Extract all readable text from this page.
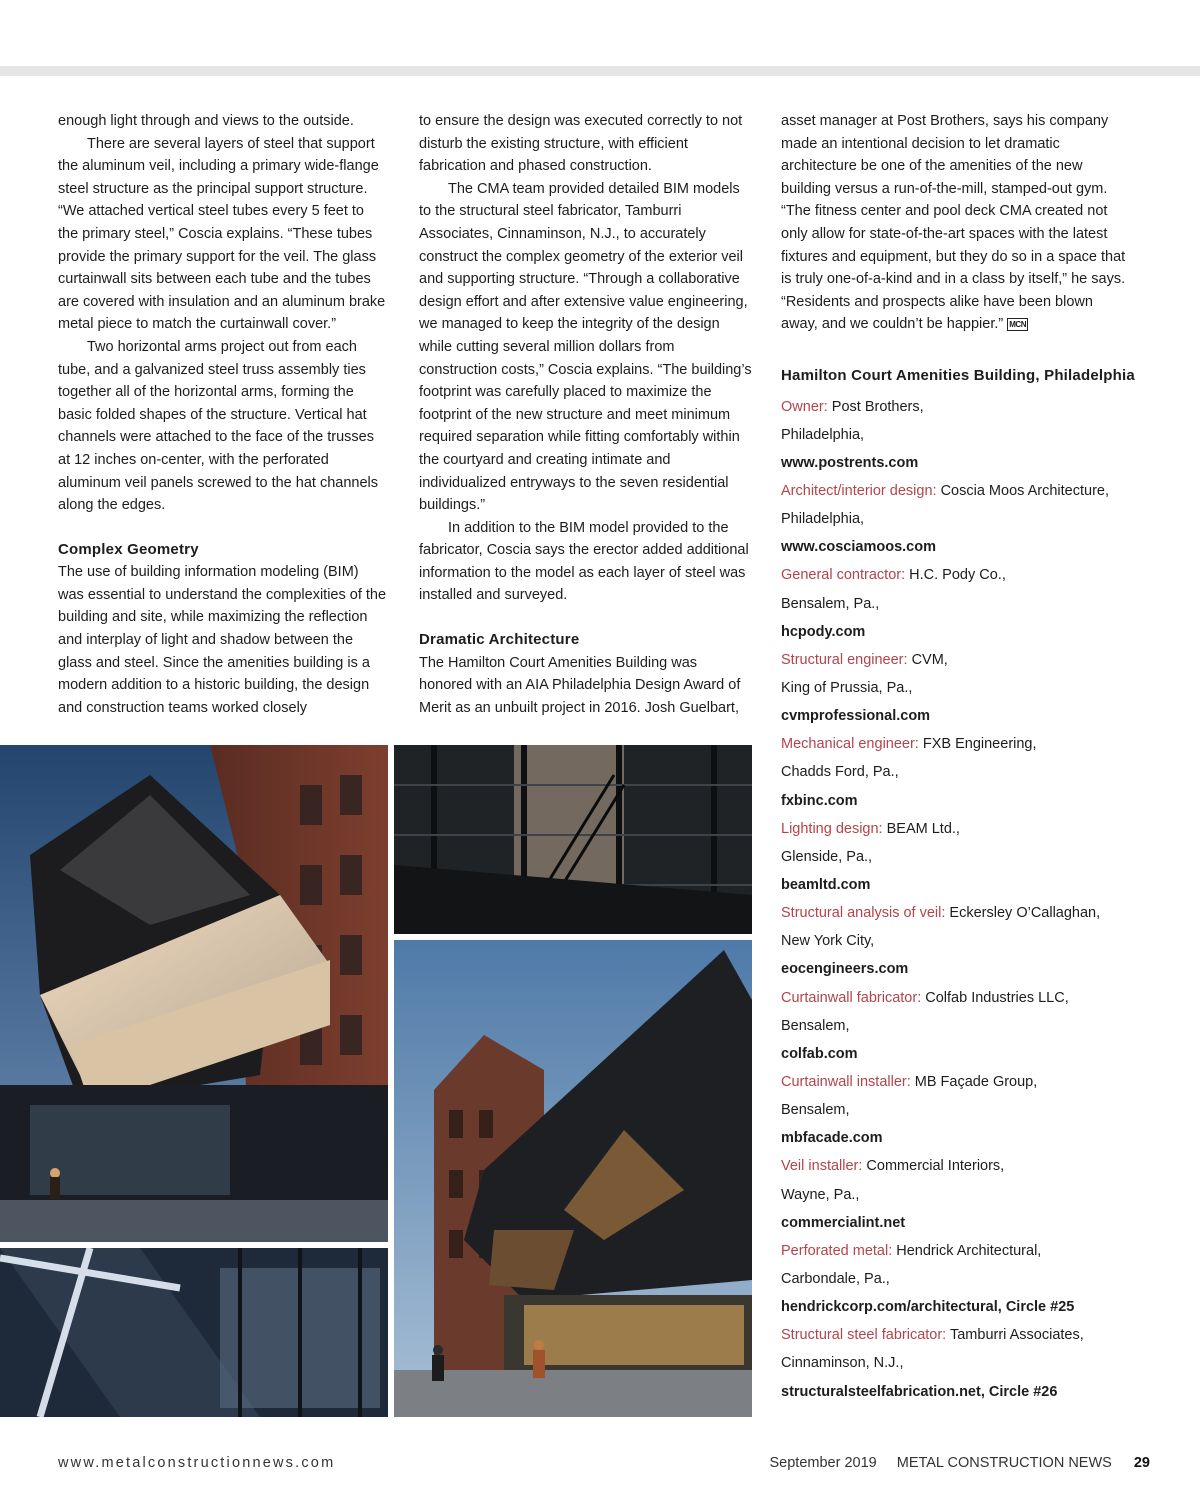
enough light through and views to the outside.

There are several layers of steel that support the aluminum veil, including a primary wide-flange steel structure as the principal support structure. “We attached vertical steel tubes every 5 feet to the primary steel,” Coscia explains. “These tubes provide the primary support for the veil. The glass curtainwall sits between each tube and the tubes are covered with insulation and an aluminum brake metal piece to match the curtainwall cover.”

Two horizontal arms project out from each tube, and a galvanized steel truss assembly ties together all of the horizontal arms, forming the basic folded shapes of the structure. Vertical hat channels were attached to the face of the trusses at 12 inches on-center, with the perforated aluminum veil panels screwed to the hat channels along the edges.

Complex Geometry

The use of building information modeling (BIM) was essential to understand the complexities of the building and site, while maximizing the reflection and interplay of light and shadow between the glass and steel. Since the amenities building is a modern addition to a historic building, the design and construction teams worked closely

to ensure the design was executed correctly to not disturb the existing structure, with efficient fabrication and phased construction.

The CMA team provided detailed BIM models to the structural steel fabricator, Tamburri Associates, Cinnaminson, N.J., to accurately construct the complex geometry of the exterior veil and supporting structure. “Through a collaborative design effort and after extensive value engineering, we managed to keep the integrity of the design while cutting several million dollars from construction costs,” Coscia explains. “The building’s footprint was carefully placed to maximize the footprint of the new structure and meet minimum required separation while fitting comfortably within the courtyard and creating intimate and individualized entryways to the seven residential buildings.”

In addition to the BIM model provided to the fabricator, Coscia says the erector added additional information to the model as each layer of steel was installed and surveyed.

Dramatic Architecture

The Hamilton Court Amenities Building was honored with an AIA Philadelphia Design Award of Merit as an unbuilt project in 2016. Josh Guelbart,

asset manager at Post Brothers, says his company made an intentional decision to let dramatic architecture be one of the amenities of the new building versus a run-of-the-mill, stamped-out gym. “The fitness center and pool deck CMA created not only allow for state-of-the-art spaces with the latest fixtures and equipment, but they do so in a space that is truly one-of-a-kind and in a class by itself,” he says. “Residents and prospects alike have been blown away, and we couldn’t be happier.” MCN

Hamilton Court Amenities Building, Philadelphia
Owner: Post Brothers,
Philadelphia,
www.postrents.com
Architect/interior design: Coscia Moos Architecture,
Philadelphia,
www.cosciamoos.com
General contractor: H.C. Pody Co.,
Bensalem, Pa.,
hcpody.com
Structural engineer: CVM,
King of Prussia, Pa.,
cvmprofessional.com
Mechanical engineer: FXB Engineering,
Chadds Ford, Pa.,
fxbinc.com
Lighting design: BEAM Ltd.,
Glenside, Pa.,
beamltd.com
Structural analysis of veil: Eckersley O’Callaghan,
New York City,
eocengineers.com
Curtainwall fabricator: Colfab Industries LLC,
Bensalem,
colfab.com
Curtainwall installer: MB Façade Group,
Bensalem,
mbfacade.com
Veil installer: Commercial Interiors,
Wayne, Pa.,
commercialint.net
Perforated metal: Hendrick Architectural,
Carbondale, Pa.,
hendrickcorp.com/architectural, Circle #25
Structural steel fabricator: Tamburri Associates,
Cinnaminson, N.J.,
structuralsteelfabrication.net, Circle #26
www.metalconstructionnews.com	September 2019 METAL CONSTRUCTION NEWS 29
